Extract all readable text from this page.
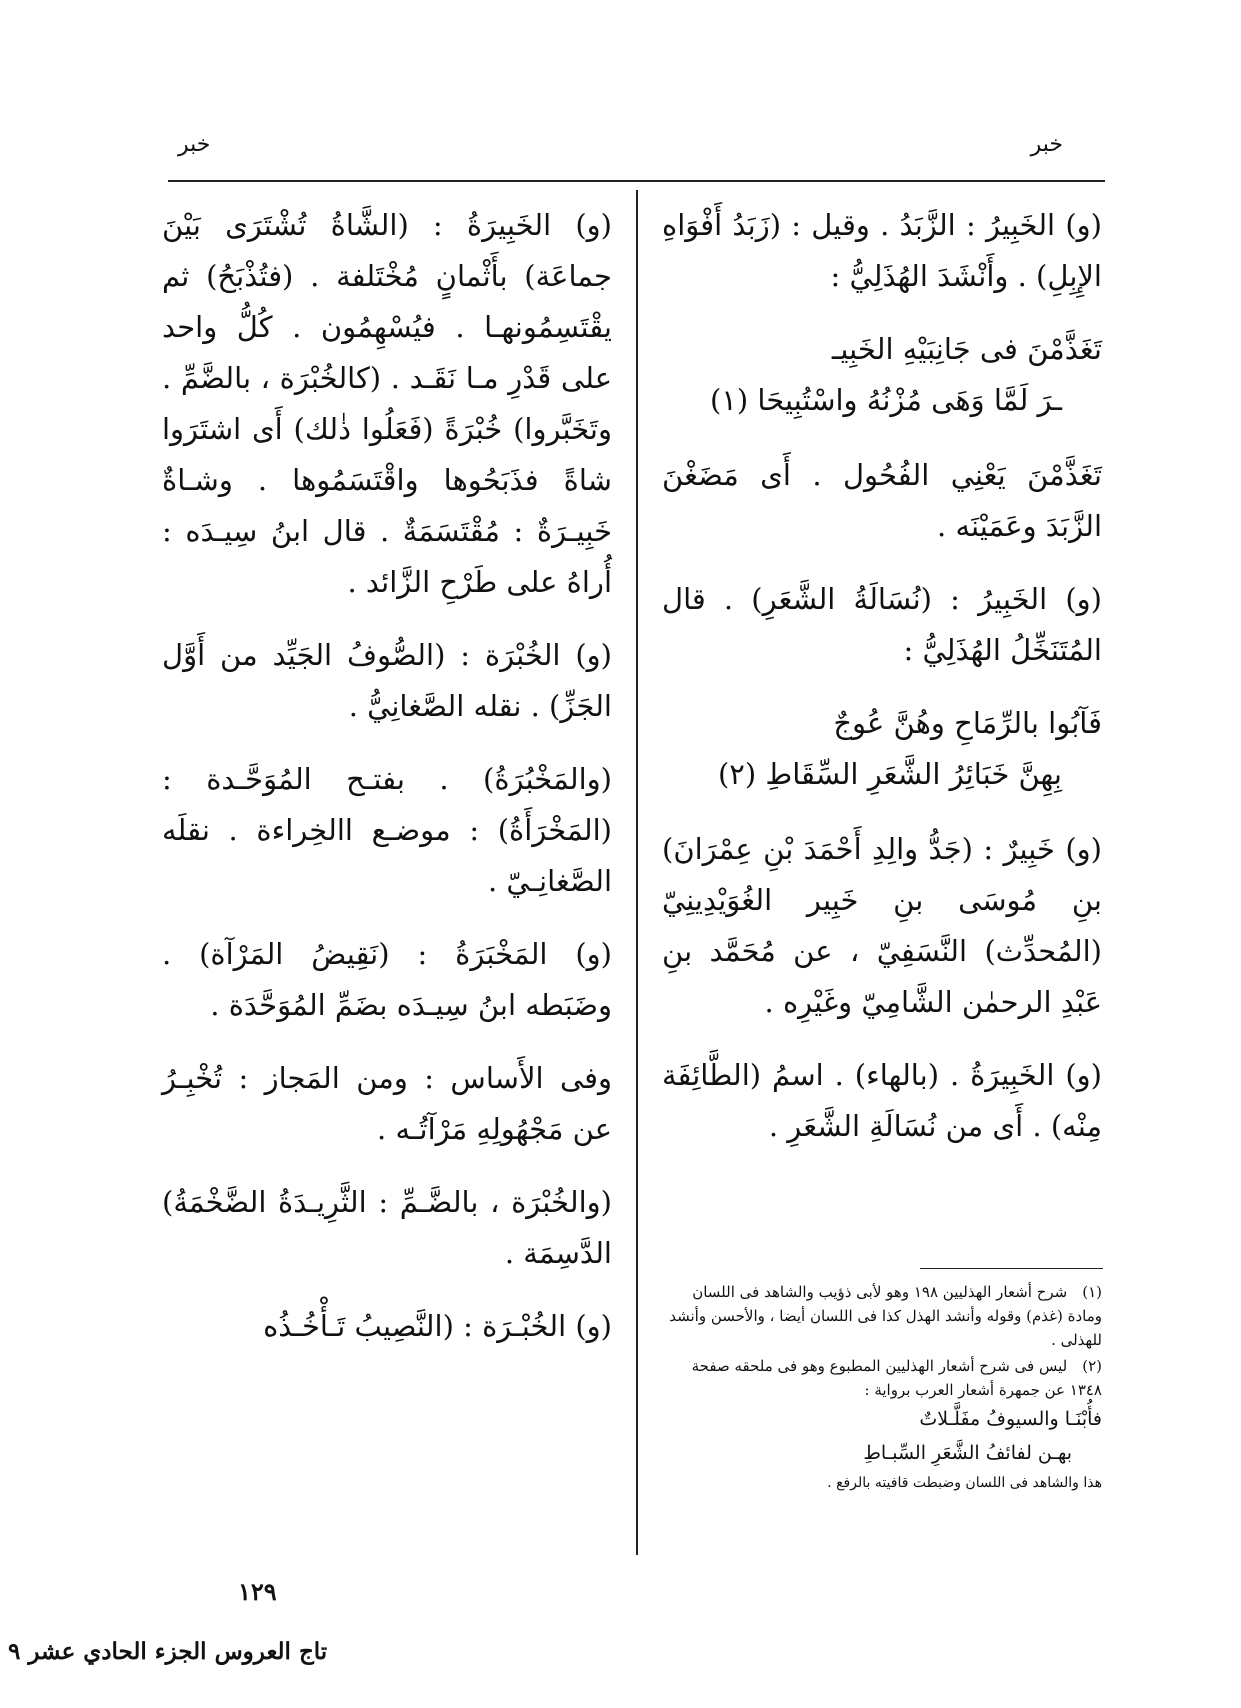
خبر
خبر

(و) الخَبِيرُ : الزَّبَدُ . وقيل : (زَبَدُ أَفْوَاهِ الإِبِلِ) . وأَنْشَدَ الهُذَلِيُّ :

تَغَذَّمْنَ فى جَانِبَيْهِ الخَبِيـ
ـرَ لَمَّا وَهَى مُزْنُهُ واسْتُبِيحَا (١)

تَغَذَّمْنَ يَعْنِي الفُحُول . أَى مَضَغْنَ الزَّبَدَ وعَمَيْنَه .

(و) الخَبِيرُ : (نُسَالَةُ الشَّعَرِ) . قال المُتَنَخِّلُ الهُذَلِيُّ :

فَآبُوا بالرِّمَاحِ وهُنَّ عُوجٌ
بِهِنَّ خَبَائِرُ الشَّعَرِ السِّقَاطِ (٢)

(و) خَبِيرٌ : (جَدُّ والِدِ أَحْمَدَ بْنِ عِمْرَانَ) بنِ مُوسَى بنِ خَبِير الغُوَيْدِينِيّ (المُحدِّث) النَّسَفِيّ ، عن مُحَمَّد بنِ عَبْدِ الرحمٰن الشَّامِيّ وغَيْرِه .

(و) الخَبِيرَةُ . (بالهاء) . اسمُ (الطَّائِفَة مِنْه) . أَى من نُسَالَةِ الشَّعَرِ .

(١) شرح أشعار الهذليين ١٩٨ وهو لأبى ذؤيب والشاهد فى اللسان ومادة (غذم) وقوله وأنشد الهذل كذا فى اللسان أيضا ، والأحسن وأنشد للهذلى .
(٢) ليس فى شرح أشعار الهذليين المطبوع وهو فى ملحقه صفحة ١٣٤٨ عن جمهرة أشعار العرب برواية :
فأُبْنَـا والسيوفُ مفَلَّـلاتٌ
بهـن لفائفُ الشَّعَرِ السِّبـاطِ
هذا والشاهد فى اللسان وضبطت قافيته بالرفع .

(و) الخَبِيرَةُ : (الشَّاةُ تُشْتَرَى بَيْنَ جماعَة) بأَثْمانٍ مُخْتَلفة . (فتُذْبَحُ) ثم يقْتَسِمُونهـا . فيُسْهِمُون . كُلُّ واحد على قَدْرِ مـا نَقَـد . (كالخُبْرَة ، بالضَّمِّ . وتَخَبَّروا) خُبْرَةً (فَعَلُوا ذٰلك) أَى اشتَرَوا شاةً فذَبَحُوها واقْتَسَمُوها . وشـاةٌ خَبِيـرَةٌ : مُقْتَسَمَةٌ . قال ابنُ سِيـدَه : أُراهُ على طَرْحِ الزَّائد .

(و) الخُبْرَة : (الصُّوفُ الجَيِّد من أَوَّل الجَزِّ) . نقله الصَّغانِيُّ .

(والمَخْبُرَةُ) . بفتـح المُوَحَّـدة : (المَخْرَأَةُ) : موضـع االخِراءة . نقلَه الصَّغانِـيّ .

(و) المَخْبَرَةُ : (نَقِيضُ المَرْآة) . وضَبَطه ابنُ سِيـدَه بضَمِّ المُوَحَّدَة .

وفى الأَساس : ومن المَجاز : تُخْبِـرُ عن مَجْهُولِهِ مَرْآتُـه .

(والخُبْرَة ، بالضَّـمِّ : الثَّرِيـدَةُ الضَّخْمَةُ) الدَّسِمَة .

(و) الخُبْـرَة : (النَّصِيبُ تَـأْخُـذُه

١٢٩
تاج العروس الجزء الحادي عشر ٩
